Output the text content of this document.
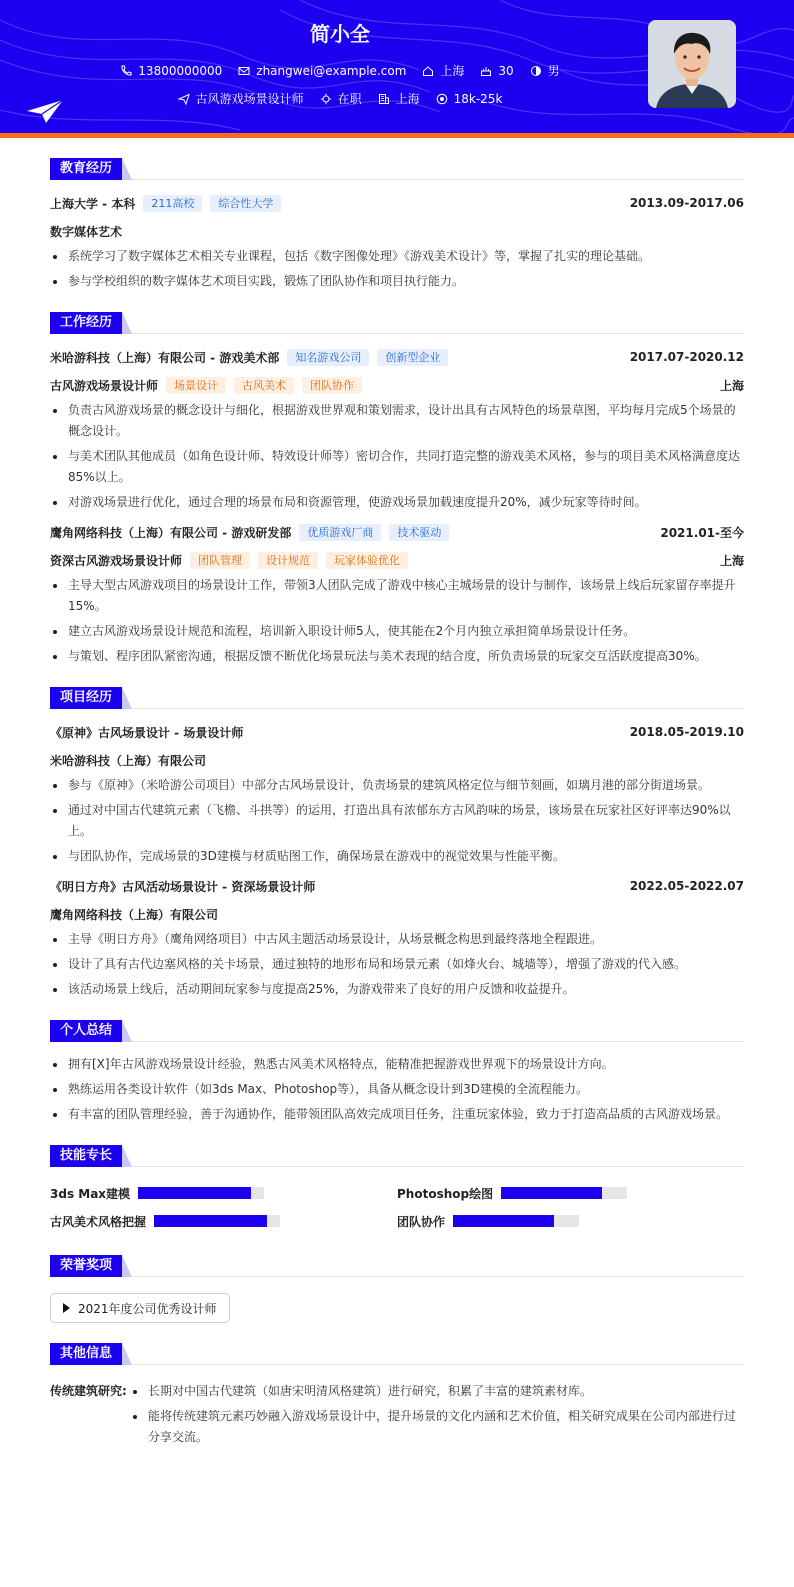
简小全
13800000000	zhangwei@example.com	上海	30	男
古风游戏场景设计师	在职	上海	18k-25k
教育经历
上海大学 - 本科	211高校	综合性大学	2013.09-2017.06
数字媒体艺术
系统学习了数字媒体艺术相关专业课程，包括《数字图像处理》《游戏美术设计》等，掌握了扎实的理论基础。
参与学校组织的数字媒体艺术项目实践，锻炼了团队协作和项目执行能力。
工作经历
米哈游科技（上海）有限公司 - 游戏美术部	知名游戏公司	创新型企业	2017.07-2020.12
古风游戏场景设计师	场景设计	古风美术	团队协作	上海
负责古风游戏场景的概念设计与细化，根据游戏世界观和策划需求，设计出具有古风特色的场景草图，平均每月完成5个场景的概念设计。
与美术团队其他成员（如角色设计师、特效设计师等）密切合作，共同打造完整的游戏美术风格，参与的项目美术风格满意度达85%以上。
对游戏场景进行优化，通过合理的场景布局和资源管理，使游戏场景加载速度提升20%，减少玩家等待时间。
鹰角网络科技（上海）有限公司 - 游戏研发部	优质游戏厂商	技术驱动	2021.01-至今
资深古风游戏场景设计师	团队管理	设计规范	玩家体验优化	上海
主导大型古风游戏项目的场景设计工作，带领3人团队完成了游戏中核心主城场景的设计与制作，该场景上线后玩家留存率提升15%。
建立古风游戏场景设计规范和流程，培训新入职设计师5人，使其能在2个月内独立承担简单场景设计任务。
与策划、程序团队紧密沟通，根据反馈不断优化场景玩法与美术表现的结合度，所负责场景的玩家交互活跃度提高30%。
项目经历
《原神》古风场景设计 - 场景设计师	2018.05-2019.10
米哈游科技（上海）有限公司
参与《原神》（米哈游公司项目）中部分古风场景设计，负责场景的建筑风格定位与细节刻画，如璃月港的部分街道场景。
通过对中国古代建筑元素（飞檐、斗拱等）的运用，打造出具有浓郁东方古风韵味的场景，该场景在玩家社区好评率达90%以上。
与团队协作，完成场景的3D建模与材质贴图工作，确保场景在游戏中的视觉效果与性能平衡。
《明日方舟》古风活动场景设计 - 资深场景设计师	2022.05-2022.07
鹰角网络科技（上海）有限公司
主导《明日方舟》（鹰角网络项目）中古风主题活动场景设计，从场景概念构思到最终落地全程跟进。
设计了具有古代边塞风格的关卡场景，通过独特的地形布局和场景元素（如烽火台、城墙等），增强了游戏的代入感。
该活动场景上线后，活动期间玩家参与度提高25%，为游戏带来了良好的用户反馈和收益提升。
个人总结
拥有[X]年古风游戏场景设计经验，熟悉古风美术风格特点，能精准把握游戏世界观下的场景设计方向。
熟练运用各类设计软件（如3ds Max、Photoshop等），具备从概念设计到3D建模的全流程能力。
有丰富的团队管理经验，善于沟通协作，能带领团队高效完成项目任务，注重玩家体验，致力于打造高品质的古风游戏场景。
技能专长
3ds Max建模	Photoshop绘图
古风美术风格把握	团队协作
荣誉奖项
2021年度公司优秀设计师
其他信息
传统建筑研究:	长期对中国古代建筑（如唐宋明清风格建筑）进行研究，积累了丰富的建筑素材库。
能将传统建筑元素巧妙融入游戏场景设计中，提升场景的文化内涵和艺术价值，相关研究成果在公司内部进行过分享交流。
